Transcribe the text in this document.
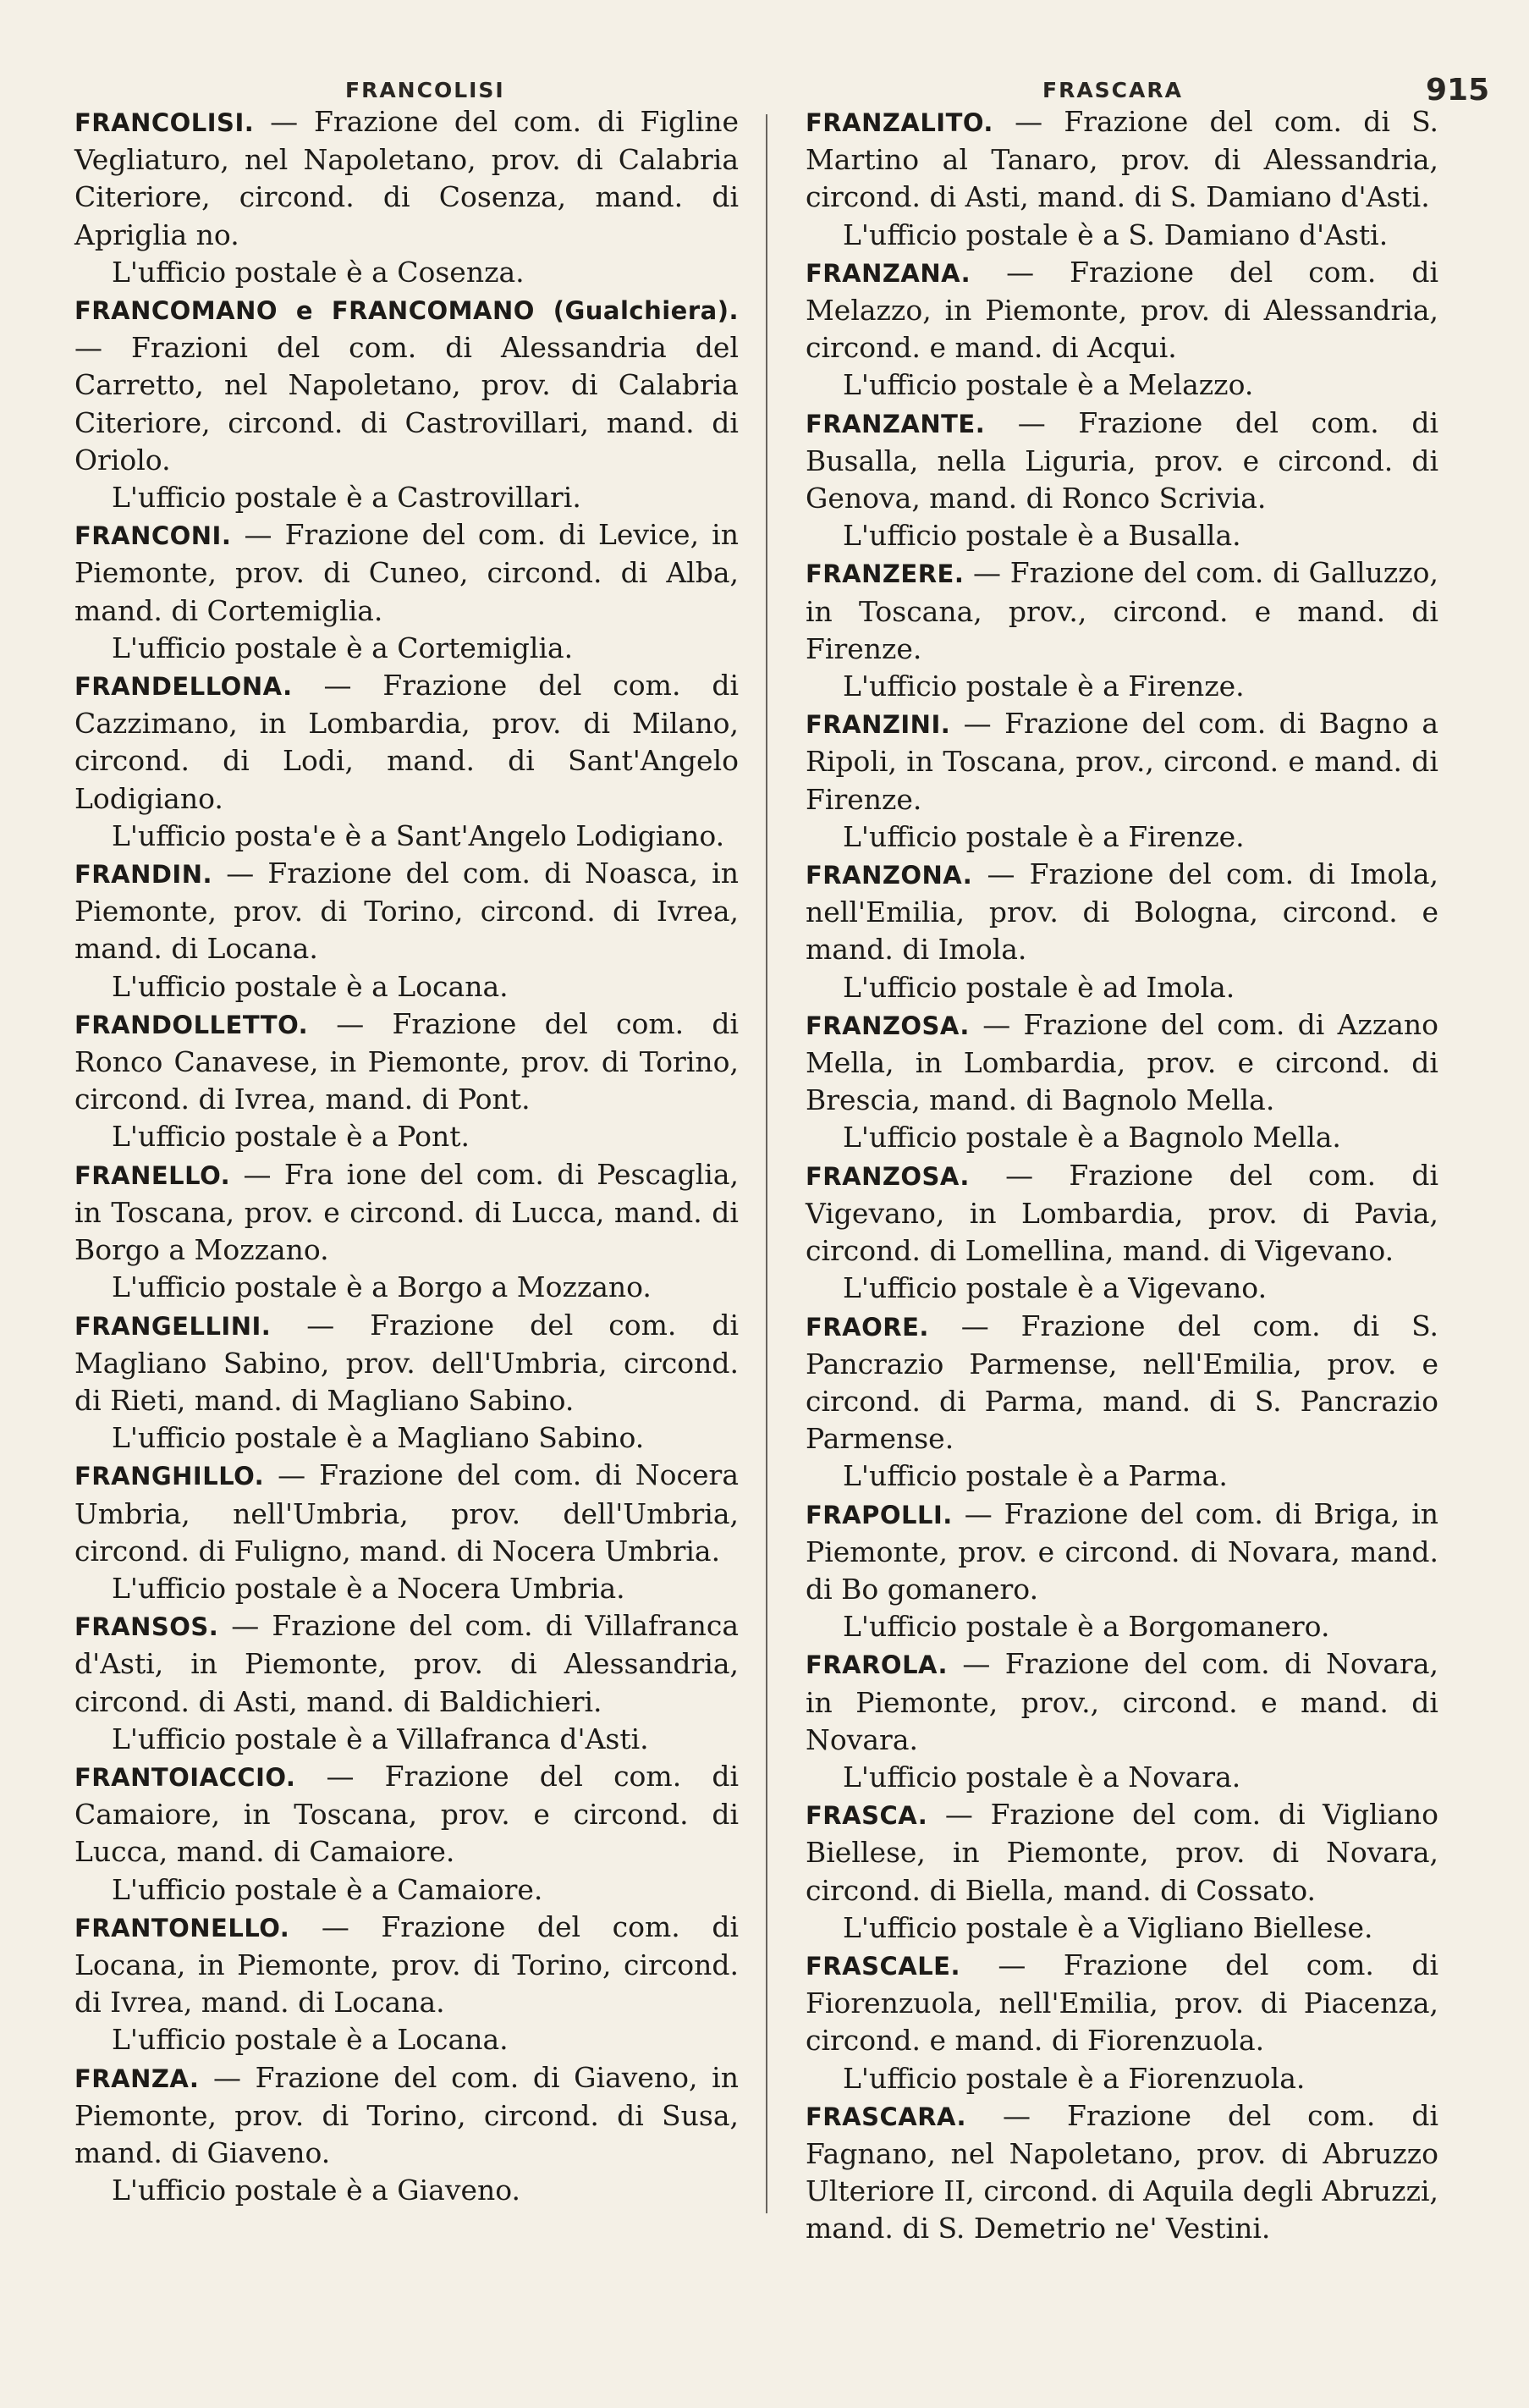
FRANCOLISI	FRASCARA	915

FRANCOLISI. — Frazione del com. di Figline Vegliaturo, nel Napoletano, prov. di Calabria Citeriore, circond. di Cosenza, mand. di Apriglia no.

L'ufficio postale è a Cosenza.

FRANCOMANO e FRANCOMANO (Gualchiera). — Frazioni del com. di Alessandria del Carretto, nel Napoletano, prov. di Calabria Citeriore, circond. di Castrovillari, mand. di Oriolo.

L'ufficio postale è a Castrovillari.

FRANCONI. — Frazione del com. di Levice, in Piemonte, prov. di Cuneo, circond. di Alba, mand. di Cortemiglia.

L'ufficio postale è a Cortemiglia.

FRANDELLONA. — Frazione del com. di Cazzimano, in Lombardia, prov. di Milano, circond. di Lodi, mand. di Sant'Angelo Lodigiano.

L'ufficio posta'e è a Sant'Angelo Lodigiano.

FRANDIN. — Frazione del com. di Noasca, in Piemonte, prov. di Torino, circond. di Ivrea, mand. di Locana.

L'ufficio postale è a Locana.

FRANDOLLETTO. — Frazione del com. di Ronco Canavese, in Piemonte, prov. di Torino, circond. di Ivrea, mand. di Pont.

L'ufficio postale è a Pont.

FRANELLO. — Fra ione del com. di Pescaglia, in Toscana, prov. e circond. di Lucca, mand. di Borgo a Mozzano.

L'ufficio postale è a Borgo a Mozzano.

FRANGELLINI. — Frazione del com. di Magliano Sabino, prov. dell'Umbria, circond. di Rieti, mand. di Magliano Sabino.

L'ufficio postale è a Magliano Sabino.

FRANGHILLO. — Frazione del com. di Nocera Umbria, nell'Umbria, prov. dell'Umbria, circond. di Fuligno, mand. di Nocera Umbria.

L'ufficio postale è a Nocera Umbria.

FRANSOS. — Frazione del com. di Villafranca d'Asti, in Piemonte, prov. di Alessandria, circond. di Asti, mand. di Baldichieri.

L'ufficio postale è a Villafranca d'Asti.

FRANTOIACCIO. — Frazione del com. di Camaiore, in Toscana, prov. e circond. di Lucca, mand. di Camaiore.

L'ufficio postale è a Camaiore.

FRANTONELLO. — Frazione del com. di Locana, in Piemonte, prov. di Torino, circond. di Ivrea, mand. di Locana.

L'ufficio postale è a Locana.

FRANZA. — Frazione del com. di Giaveno, in Piemonte, prov. di Torino, circond. di Susa, mand. di Giaveno.

L'ufficio postale è a Giaveno.

FRANZALITO. — Frazione del com. di S. Martino al Tanaro, prov. di Alessandria, circond. di Asti, mand. di S. Damiano d'Asti.

L'ufficio postale è a S. Damiano d'Asti.

FRANZANA. — Frazione del com. di Melazzo, in Piemonte, prov. di Alessandria, circond. e mand. di Acqui.

L'ufficio postale è a Melazzo.

FRANZANTE. — Frazione del com. di Busalla, nella Liguria, prov. e circond. di Genova, mand. di Ronco Scrivia.

L'ufficio postale è a Busalla.

FRANZERE. — Frazione del com. di Galluzzo, in Toscana, prov., circond. e mand. di Firenze.

L'ufficio postale è a Firenze.

FRANZINI. — Frazione del com. di Bagno a Ripoli, in Toscana, prov., circond. e mand. di Firenze.

L'ufficio postale è a Firenze.

FRANZONA. — Frazione del com. di Imola, nell'Emilia, prov. di Bologna, circond. e mand. di Imola.

L'ufficio postale è ad Imola.

FRANZOSA. — Frazione del com. di Azzano Mella, in Lombardia, prov. e circond. di Brescia, mand. di Bagnolo Mella.

L'ufficio postale è a Bagnolo Mella.

FRANZOSA. — Frazione del com. di Vigevano, in Lombardia, prov. di Pavia, circond. di Lomellina, mand. di Vigevano.

L'ufficio postale è a Vigevano.

FRAORE. — Frazione del com. di S. Pancrazio Parmense, nell'Emilia, prov. e circond. di Parma, mand. di S. Pancrazio Parmense.

L'ufficio postale è a Parma.

FRAPOLLI. — Frazione del com. di Briga, in Piemonte, prov. e circond. di Novara, mand. di Bo gomanero.

L'ufficio postale è a Borgomanero.

FRAROLA. — Frazione del com. di Novara, in Piemonte, prov., circond. e mand. di Novara.

L'ufficio postale è a Novara.

FRASCA. — Frazione del com. di Vigliano Biellese, in Piemonte, prov. di Novara, circond. di Biella, mand. di Cossato.

L'ufficio postale è a Vigliano Biellese.

FRASCALE. — Frazione del com. di Fiorenzuola, nell'Emilia, prov. di Piacenza, circond. e mand. di Fiorenzuola.

L'ufficio postale è a Fiorenzuola.

FRASCARA. — Frazione del com. di Fagnano, nel Napoletano, prov. di Abruzzo Ulteriore II, circond. di Aquila degli Abruzzi, mand. di S. Demetrio ne' Vestini.
